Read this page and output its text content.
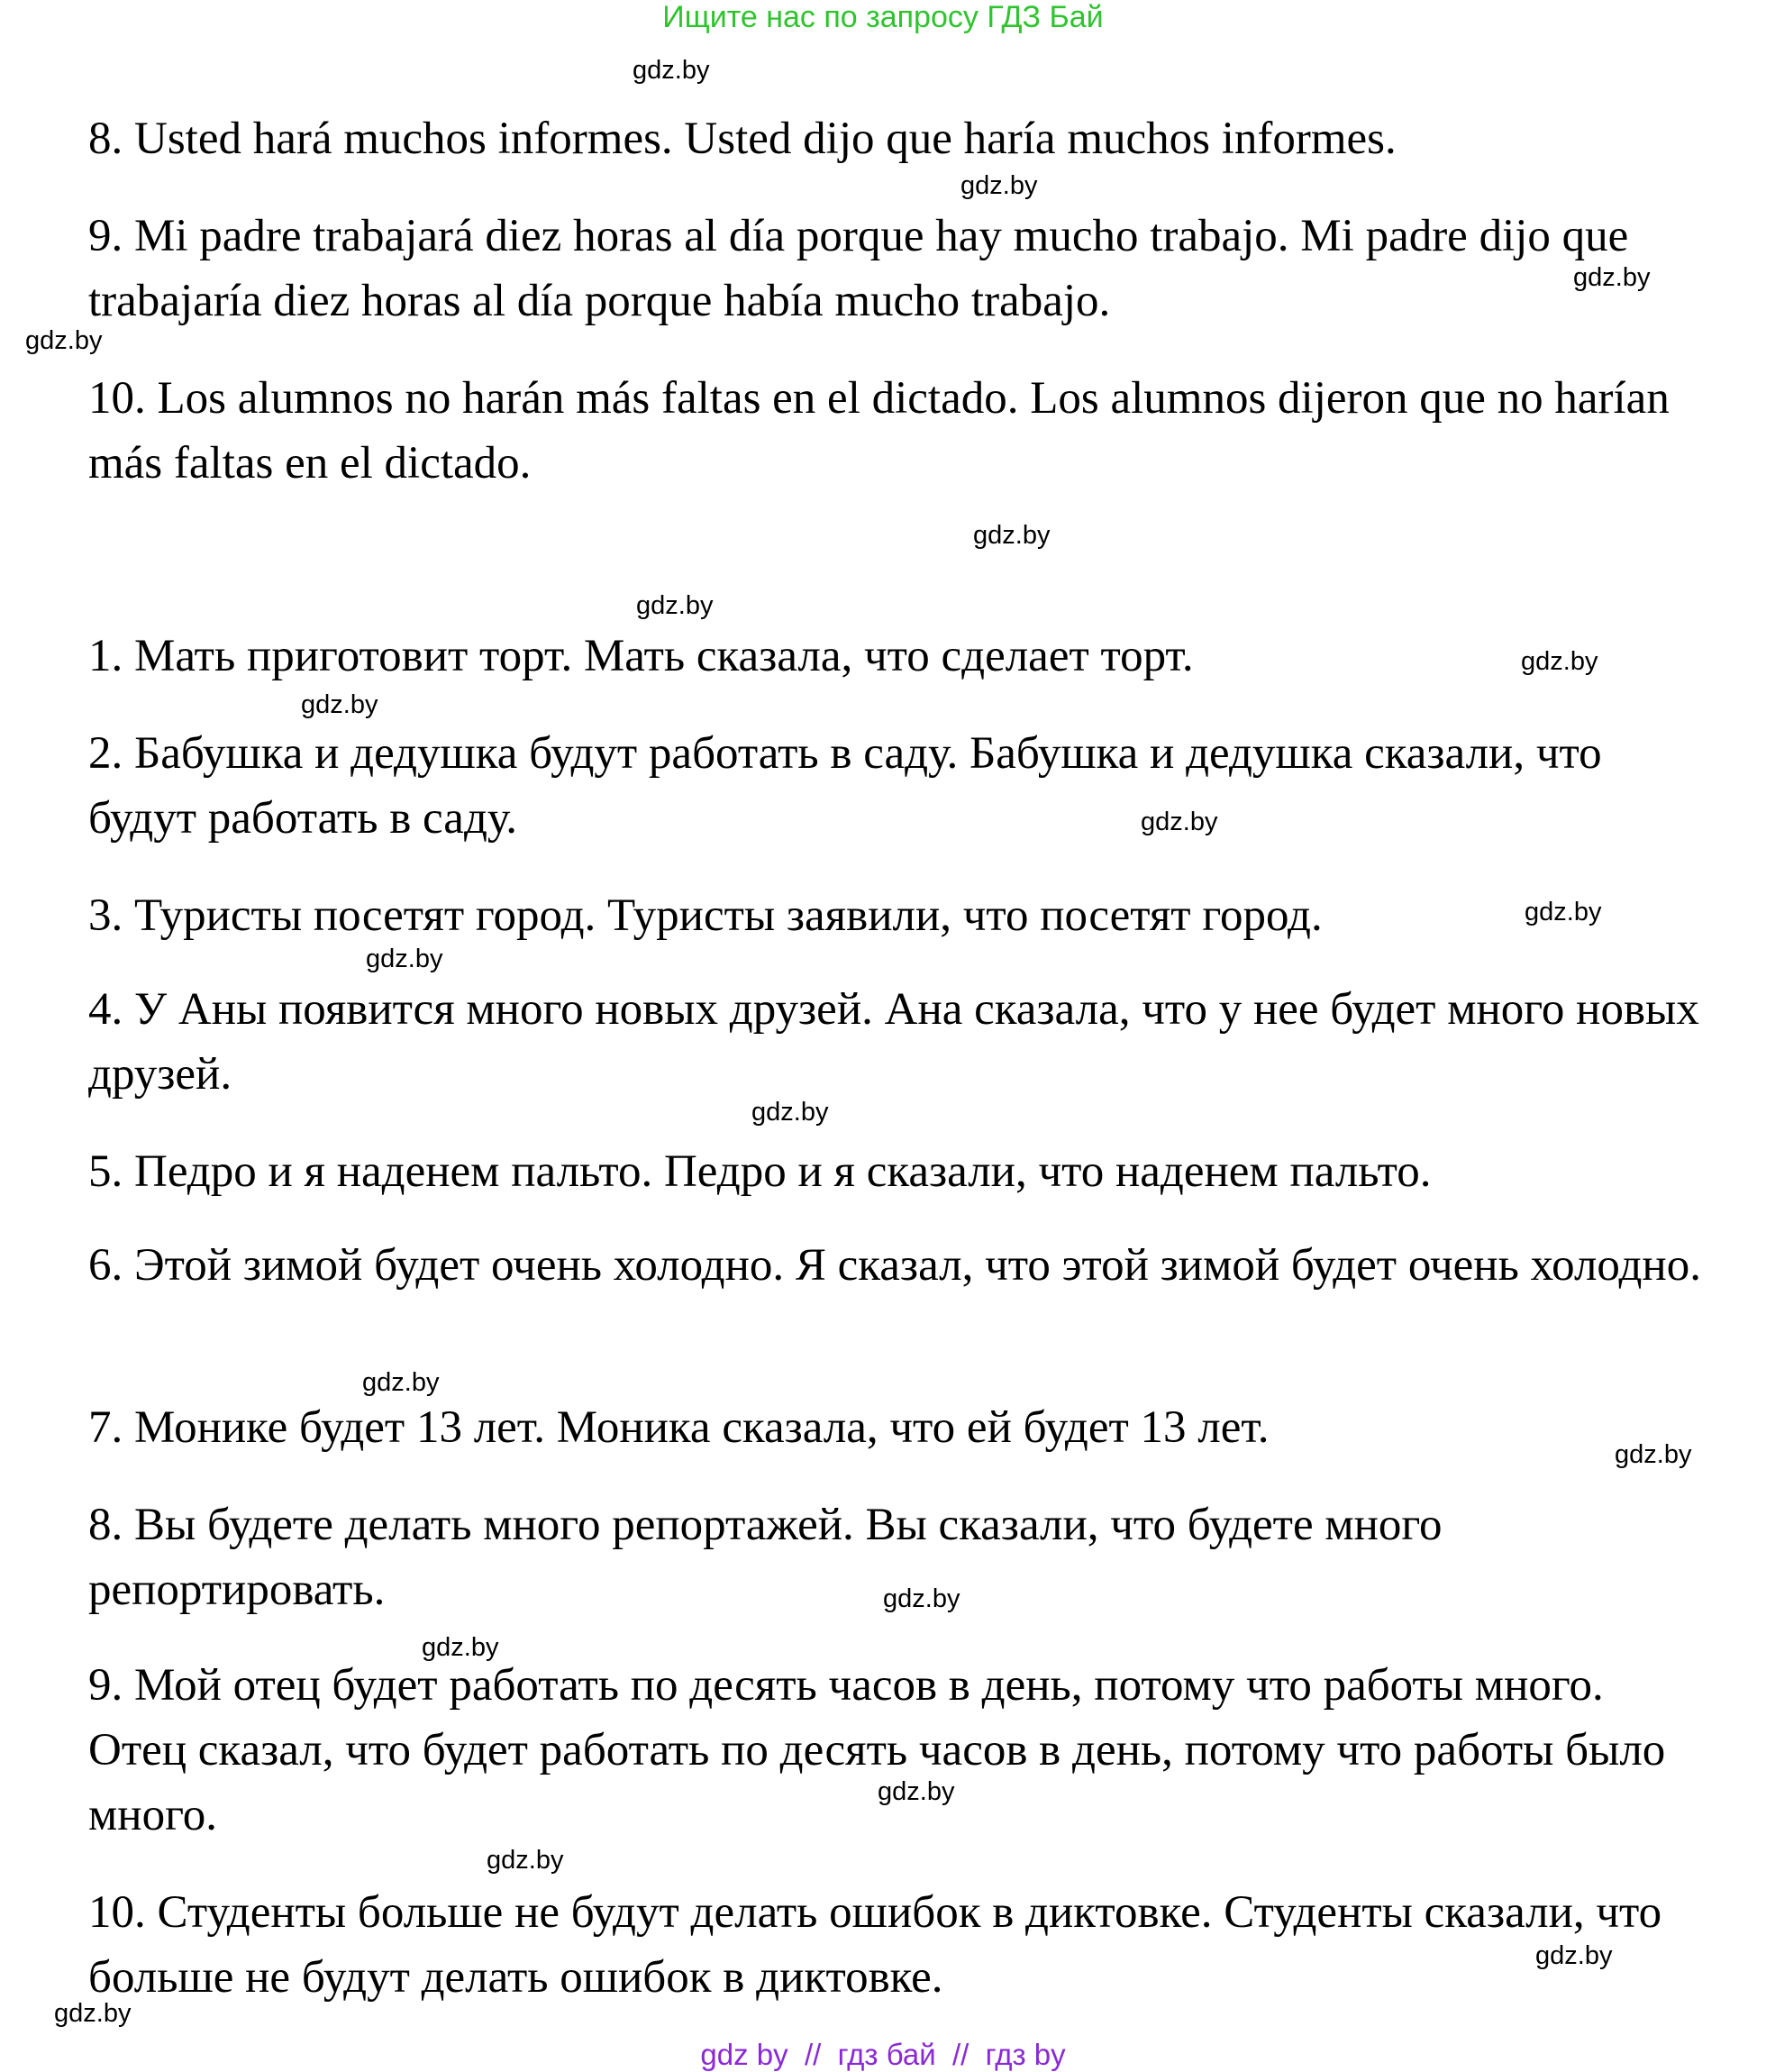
Ищите нас по запросу ГДЗ Бай

8. Usted hará muchos informes. Usted dijo que haría muchos informes.

9. Mi padre trabajará diez horas al día porque hay mucho trabajo. Mi padre dijo que trabajaría diez horas al día porque había mucho trabajo.

10. Los alumnos no harán más faltas en el dictado. Los alumnos dijeron que no harían más faltas en el dictado.

1. Мать приготовит торт. Мать сказала, что сделает торт.

2. Бабушка и дедушка будут работать в саду. Бабушка и дедушка сказали, что будут работать в саду.

3. Туристы посетят город. Туристы заявили, что посетят город.

4. У Аны появится много новых друзей. Ана сказала, что у нее будет много новых друзей.

5. Педро и я наденем пальто. Педро и я сказали, что наденем пальто.

6. Этой зимой будет очень холодно. Я сказал, что этой зимой будет очень холодно.

7. Монике будет 13 лет. Моника сказала, что ей будет 13 лет.

8. Вы будете делать много репортажей. Вы сказали, что будете много репортировать.

9. Мой отец будет работать по десять часов в день, потому что работы много. Отец сказал, что будет работать по десять часов в день, потому что работы было много.

10. Студенты больше не будут делать ошибок в диктовке. Студенты сказали, что больше не будут делать ошибок в диктовке.

gdz.by
gdz.by
gdz.by
gdz.by
gdz.by
gdz.by
gdz.by
gdz.by
gdz.by
gdz.by
gdz.by
gdz.by
gdz.by
gdz.by
gdz.by
gdz.by
gdz.by
gdz.by
gdz.by
gdz.by
gdz by  //  гдз бай  //  гдз by
